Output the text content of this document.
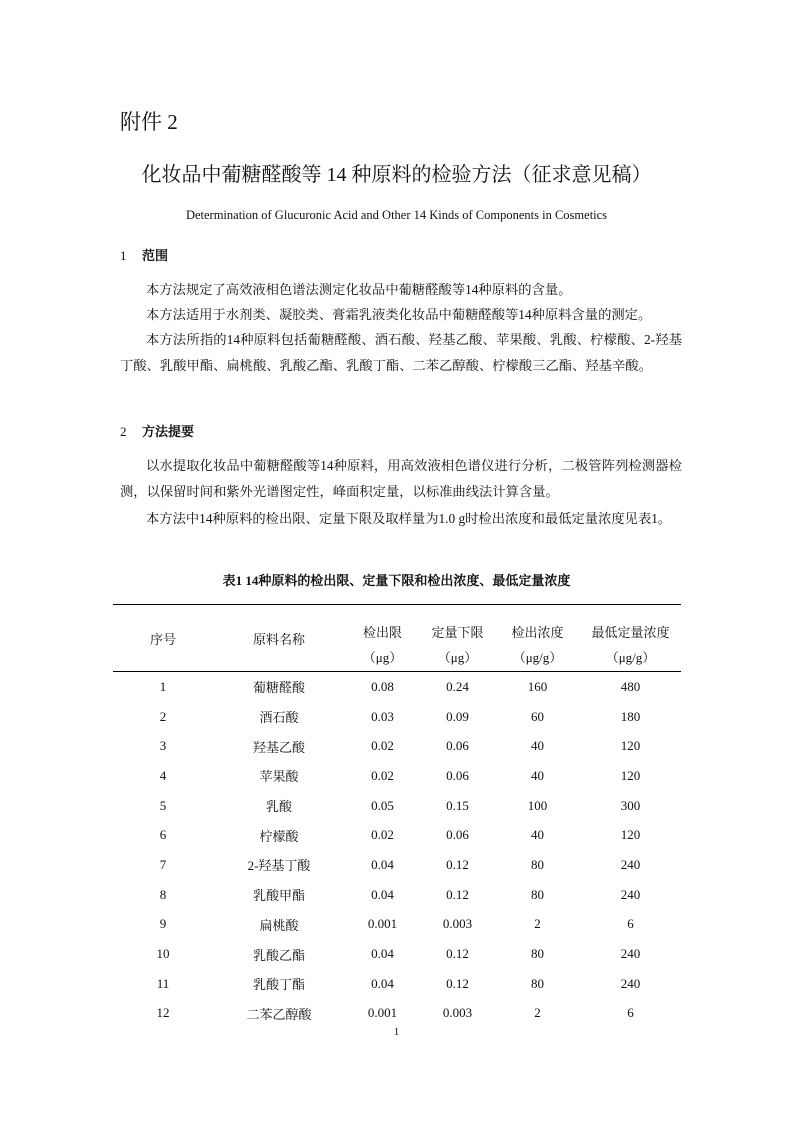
附件 2
化妆品中葡糖醛酸等 14 种原料的检验方法（征求意见稿）
Determination of Glucuronic Acid and Other 14 Kinds of Components in Cosmetics
1 范围
本方法规定了高效液相色谱法测定化妆品中葡糖醛酸等14种原料的含量。
本方法适用于水剂类、凝胶类、膏霜乳液类化妆品中葡糖醛酸等14种原料含量的测定。
本方法所指的14种原料包括葡糖醛酸、酒石酸、羟基乙酸、苹果酸、乳酸、柠檬酸、2-羟基丁酸、乳酸甲酯、扁桃酸、乳酸乙酯、乳酸丁酯、二苯乙醇酸、柠檬酸三乙酯、羟基辛酸。
2 方法提要
以水提取化妆品中葡糖醛酸等14种原料，用高效液相色谱仪进行分析，二极管阵列检测器检测，以保留时间和紫外光谱图定性，峰面积定量，以标准曲线法计算含量。
本方法中14种原料的检出限、定量下限及取样量为1.0 g时检出浓度和最低定量浓度见表1。
表1 14种原料的检出限、定量下限和检出浓度、最低定量浓度
序号	原料名称	检出限	定量下限	检出浓度	最低定量浓度
		（μg）	（μg）	（μg/g）	（μg/g）
1	葡糖醛酸	0.08	0.24	160	480
2	酒石酸	0.03	0.09	60	180
3	羟基乙酸	0.02	0.06	40	120
4	苹果酸	0.02	0.06	40	120
5	乳酸	0.05	0.15	100	300
6	柠檬酸	0.02	0.06	40	120
7	2-羟基丁酸	0.04	0.12	80	240
8	乳酸甲酯	0.04	0.12	80	240
9	扁桃酸	0.001	0.003	2	6
10	乳酸乙酯	0.04	0.12	80	240
11	乳酸丁酯	0.04	0.12	80	240
12	二苯乙醇酸	0.001	0.003	2	6
1
